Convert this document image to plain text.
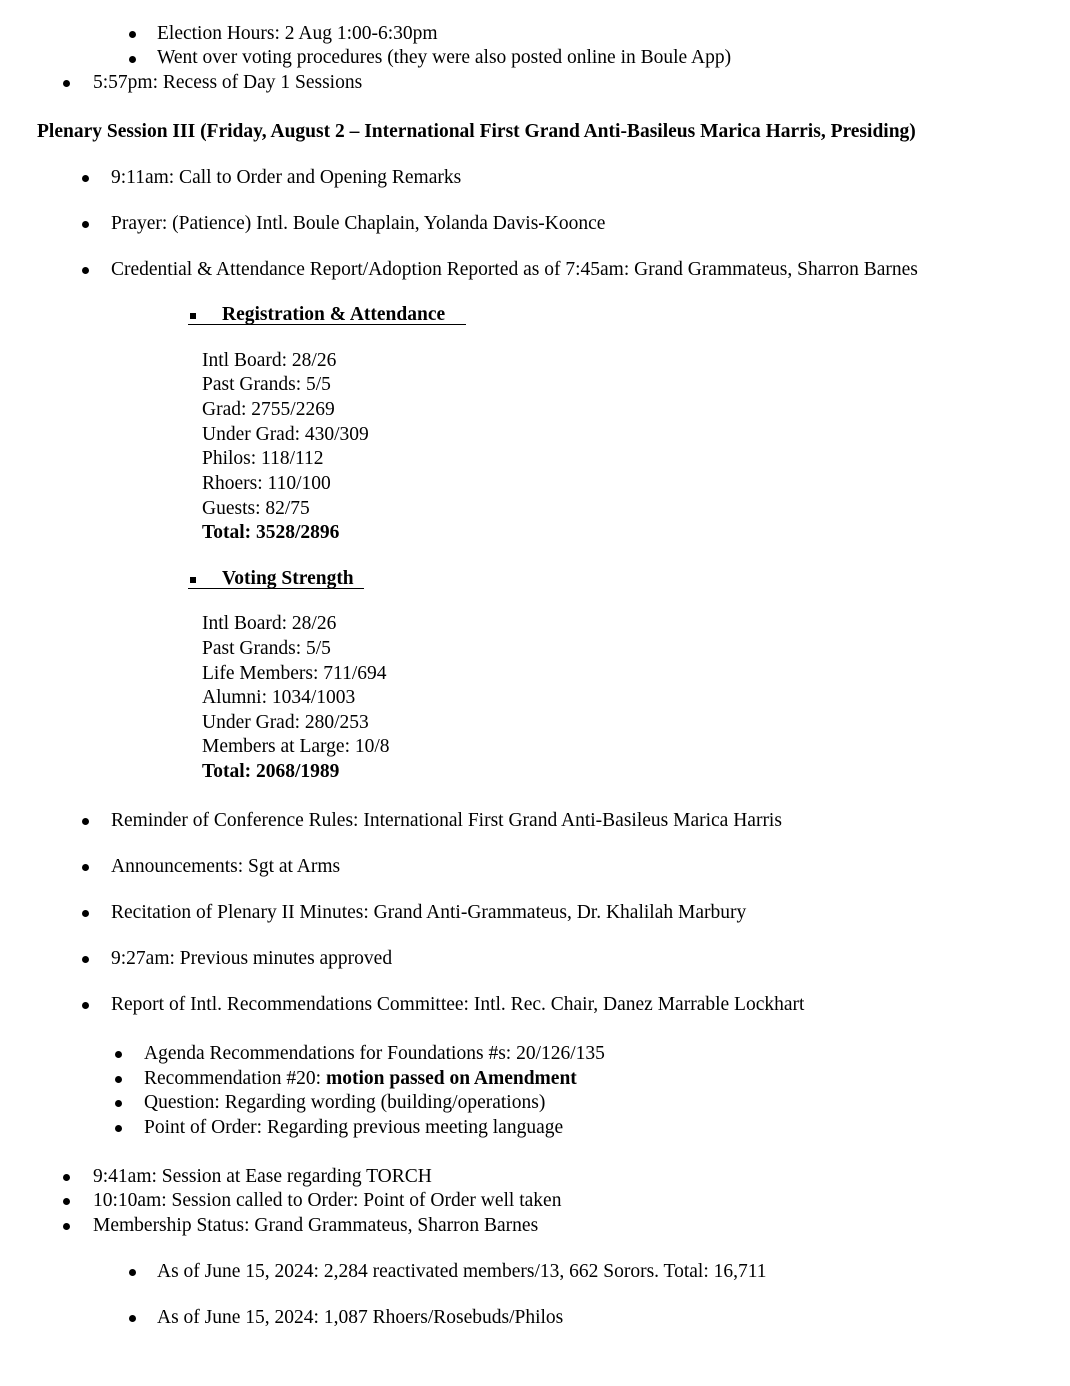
Election Hours: 2 Aug 1:00-6:30pm
Went over voting procedures (they were also posted online in Boule App)
5:57pm: Recess of Day 1 Sessions
Plenary Session III (Friday, August 2 – International First Grand Anti-Basileus Marica Harris, Presiding)
9:11am: Call to Order and Opening Remarks
Prayer: (Patience) Intl. Boule Chaplain, Yolanda Davis-Koonce
Credential & Attendance Report/Adoption Reported as of 7:45am: Grand Grammateus, Sharron Barnes
Registration & Attendance
Intl Board: 28/26
Past Grands: 5/5
Grad: 2755/2269
Under Grad: 430/309
Philos: 118/112
Rhoers: 110/100
Guests: 82/75
Total: 3528/2896
Voting Strength
Intl Board: 28/26
Past Grands: 5/5
Life Members: 711/694
Alumni: 1034/1003
Under Grad: 280/253
Members at Large: 10/8
Total: 2068/1989
Reminder of Conference Rules: International First Grand Anti-Basileus Marica Harris
Announcements: Sgt at Arms
Recitation of Plenary II Minutes: Grand Anti-Grammateus, Dr. Khalilah Marbury
9:27am: Previous minutes approved
Report of Intl. Recommendations Committee: Intl. Rec. Chair, Danez Marrable Lockhart
Agenda Recommendations for Foundations #s: 20/126/135
Recommendation #20: motion passed on Amendment
Question: Regarding wording (building/operations)
Point of Order: Regarding previous meeting language
9:41am: Session at Ease regarding TORCH
10:10am: Session called to Order: Point of Order well taken
Membership Status: Grand Grammateus, Sharron Barnes
As of June 15, 2024: 2,284 reactivated members/13, 662 Sorors. Total: 16,711
As of June 15, 2024: 1,087 Rhoers/Rosebuds/Philos
